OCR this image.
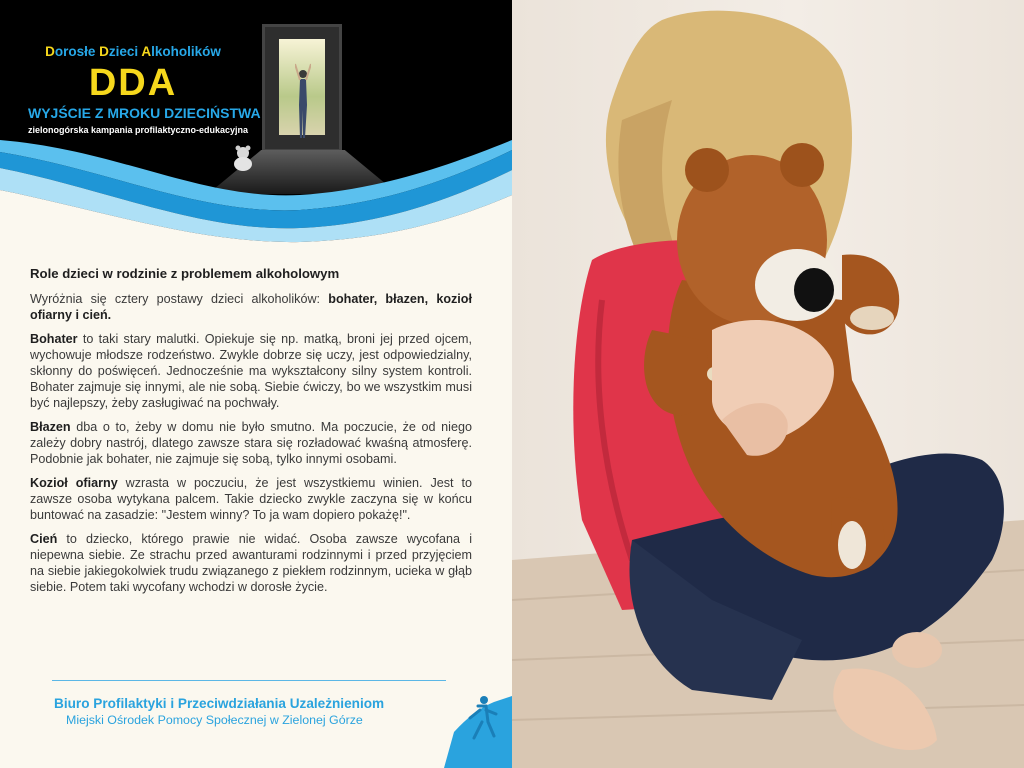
Dorosłe Dzieci Alkoholików
DDA
WYJŚCIE Z MROKU DZIECIŃSTWA
zielonogórska kampania profilaktyczno-edukacyjna
Role dzieci w rodzinie z problemem alkoholowym

Wyróżnia się cztery postawy dzieci alkoholików: bohater, błazen, kozioł ofiarny i cień.

Bohater to taki stary malutki. Opiekuje się np. matką, broni jej przed ojcem, wychowuje młodsze rodzeństwo. Zwykle dobrze się uczy, jest odpowiedzialny, skłonny do poświęceń. Jednocześnie ma wykształcony silny system kontroli. Bohater zajmuje się innymi, ale nie sobą. Siebie ćwiczy, bo we wszystkim musi być najlepszy, żeby zasługiwać na pochwały.

Błazen dba o to, żeby w domu nie było smutno. Ma poczucie, że od niego zależy dobry nastrój, dlatego zawsze stara się rozładować kwaśną atmosferę. Podobnie jak bohater, nie zajmuje się sobą, tylko innymi osobami.

Kozioł ofiarny wzrasta w poczuciu, że jest wszystkiemu winien. Jest to zawsze osoba wytykana palcem. Takie dziecko zwykle zaczyna się w końcu buntować na zasadzie: "Jestem winny? To ja wam dopiero pokażę!".

Cień to dziecko, którego prawie nie widać. Osoba zawsze wycofana i niepewna siebie. Ze strachu przed awanturami rodzinnymi i przed przyjęciem na siebie jakiegokolwiek trudu związanego z piekłem rodzinnym, ucieka w głąb siebie. Potem taki wycofany wchodzi w dorosłe życie.

Biuro Profilaktyki i Przeciwdziałania Uzależnieniom
Miejski Ośrodek Pomocy Społecznej w Zielonej Górze
